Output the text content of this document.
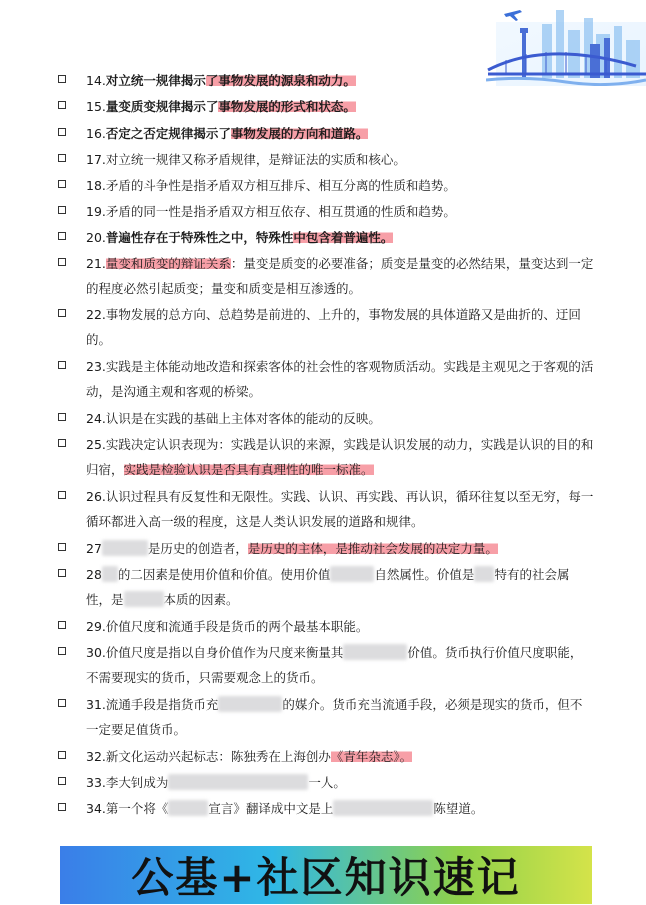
14.对立统一规律揭示了事物发展的源泉和动力。
15.量变质变规律揭示了事物发展的形式和状态。
16.否定之否定规律揭示了事物发展的方向和道路。
17.对立统一规律又称矛盾规律，是辩证法的实质和核心。
18.矛盾的斗争性是指矛盾双方相互排斥、相互分离的性质和趋势。
19.矛盾的同一性是指矛盾双方相互依存、相互贯通的性质和趋势。
20.普遍性存在于特殊性之中，特殊性中包含着普遍性。
21.量变和质变的辩证关系：量变是质变的必要准备；质变是量变的必然结果，量变达到一定的程度必然引起质变；量变和质变是相互渗透的。
22.事物发展的总方向、总趋势是前进的、上升的，事物发展的具体道路又是曲折的、迂回的。
23.实践是主体能动地改造和探索客体的社会性的客观物质活动。实践是主观见之于客观的活动，是沟通主观和客观的桥梁。
24.认识是在实践的基础上主体对客体的能动的反映。
25.实践决定认识表现为：实践是认识的来源，实践是认识发展的动力，实践是认识的目的和归宿，实践是检验认识是否具有真理性的唯一标准。
26.认识过程具有反复性和无限性。实践、认识、再实践、再认识，循环往复以至无穷，每一循环都进入高一级的程度，这是人类认识发展的道路和规律。
27	是历史的创造者，是历史的主体，是推动社会发展的决定力量。
28 的二因素是使用价值和价值。使用价值	自然属性。价值是 特有的社会属性，是	本质的因素。
29.价值尺度和流通手段是货币的两个最基本职能。
30.价值尺度是指以自身价值作为尺度来衡量其	价值。货币执行价值尺度职能，不需要现实的货币，只需要观念上的货币。
31.流通手段是指货币充	的媒介。货币充当流通手段，必须是现实的货币，但不一定要足值货币。
32.新文化运动兴起标志：陈独秀在上海创办《青年杂志》。
33.李大钊成为	一人。
34.第一个将《	宣言》翻译成中文是上	陈望道。
公基+社区知识速记
